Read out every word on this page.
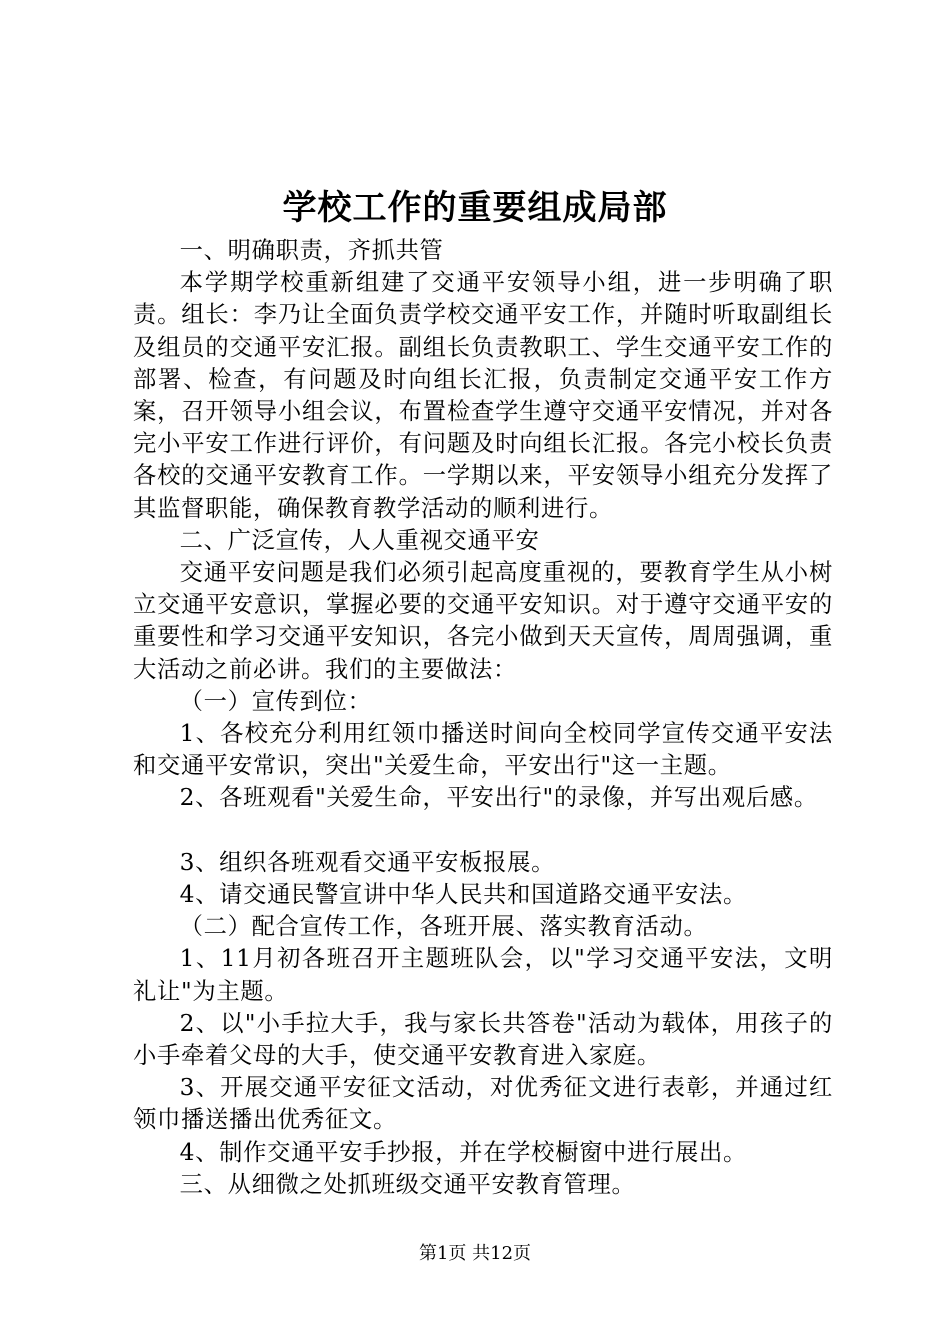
学校工作的重要组成局部

一、明确职责，齐抓共管

本学期学校重新组建了交通平安领导小组，进一步明确了职责。组长：李乃让全面负责学校交通平安工作，并随时听取副组长及组员的交通平安汇报。副组长负责教职工、学生交通平安工作的部署、检查，有问题及时向组长汇报，负责制定交通平安工作方案，召开领导小组会议，布置检查学生遵守交通平安情况，并对各完小平安工作进行评价，有问题及时向组长汇报。各完小校长负责各校的交通平安教育工作。一学期以来，平安领导小组充分发挥了其监督职能，确保教育教学活动的顺利进行。

二、广泛宣传，人人重视交通平安

交通平安问题是我们必须引起高度重视的，要教育学生从小树立交通平安意识，掌握必要的交通平安知识。对于遵守交通平安的重要性和学习交通平安知识，各完小做到天天宣传，周周强调，重大活动之前必讲。我们的主要做法：

（一）宣传到位：

1、各校充分利用红领巾播送时间向全校同学宣传交通平安法和交通平安常识，突出"关爱生命，平安出行"这一主题。

2、各班观看"关爱生命，平安出行"的录像，并写出观后感。

3、组织各班观看交通平安板报展。

4、请交通民警宣讲中华人民共和国道路交通平安法。

（二）配合宣传工作，各班开展、落实教育活动。

1、11月初各班召开主题班队会，以"学习交通平安法，文明礼让"为主题。

2、以"小手拉大手，我与家长共答卷"活动为载体，用孩子的小手牵着父母的大手，使交通平安教育进入家庭。

3、开展交通平安征文活动，对优秀征文进行表彰，并通过红领巾播送播出优秀征文。

4、制作交通平安手抄报，并在学校橱窗中进行展出。

三、从细微之处抓班级交通平安教育管理。

第1页 共12页
